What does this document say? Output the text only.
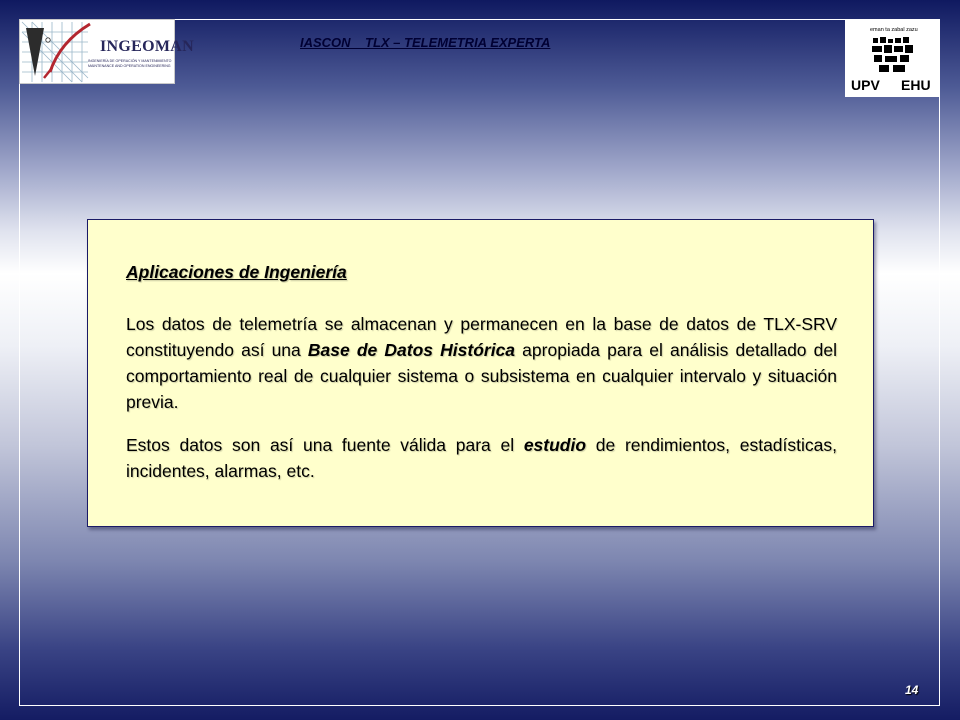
INGEOMAN
INGENIERÍA DE OPERACIÓN Y MANTENIMIENTO MAINTENANCE AND OPERATION ENGINEERING
IASCON    TLX – TELEMETRIA EXPERTA
eman ta zabal zazu
UPV EHU
Aplicaciones de Ingeniería
Los datos de telemetría se almacenan y permanecen en la base de datos de TLX-SRV constituyendo así una Base de Datos Histórica apropiada para el análisis detallado del comportamiento real de cualquier sistema o subsistema en cualquier intervalo y situación previa.
Estos datos son así una fuente válida para el estudio de rendimientos, estadísticas, incidentes, alarmas, etc.
14
